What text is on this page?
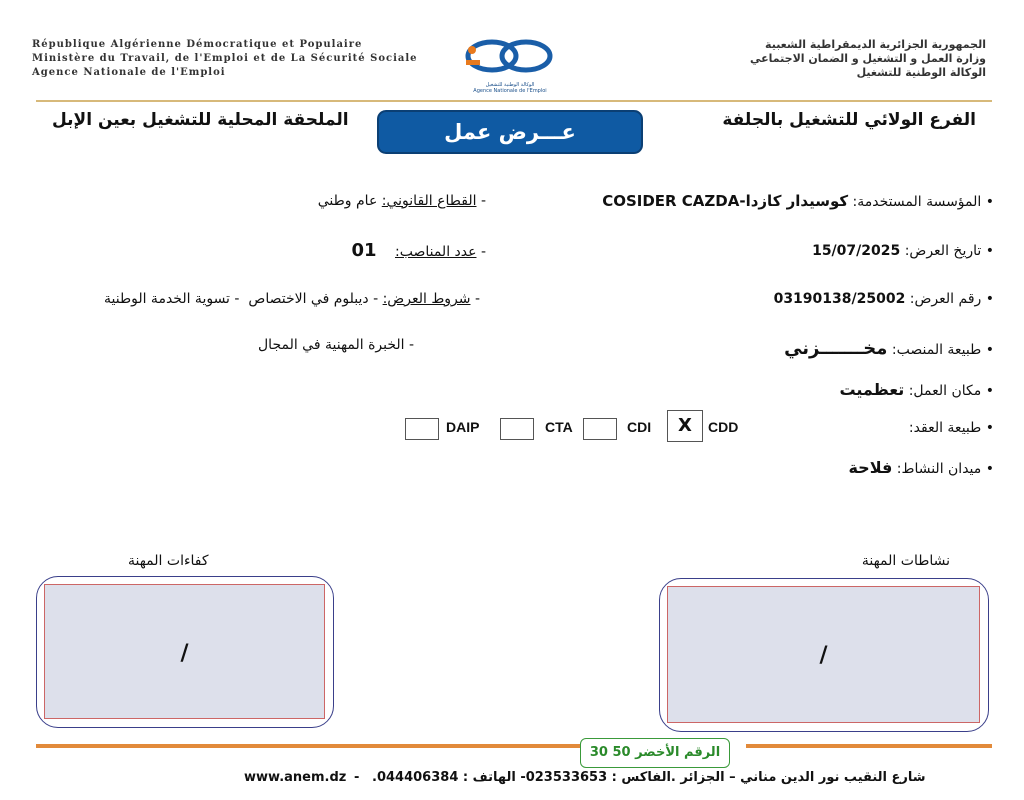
République Algérienne Démocratique et Populaire
Ministère du Travail, de l'Emploi et de La Sécurité Sociale
Agence Nationale de l'Emploi
الوكالة الوطنية للتشغيل
Agence Nationale de l'Emploi
الجمهورية الجزائرية الديمقراطية الشعبية
وزارة العمل و التشغيل و الضمان الاجتماعي
الوكالة الوطنية للتشغيل
الفرع الولائي للتشغيل بالجلفة
الملحقة المحلية للتشغيل بعين الإبل	عـــرض عمل
• المؤسسة المستخدمة: كوسيدار كازدا-COSIDER CAZDA
• تاريخ العرض: 15/07/2025
• رقم العرض: 03190138/25002
• طبيعة المنصب: مخـــــــزني
• مكان العمل: تعظميت
• طبيعة العقد:
• ميدان النشاط: فلاحة
- القطاع القانوني: عام وطني
- عدد المناصب: 01
- شروط العرض: - ديبلوم في الاختصاص
- تسوية الخدمة الوطنية
- الخبرة المهنية في المجال
DAIP	CTA	CDI	X	CDD
نشاطات المهنة
/
كفاءات المهنة
/
الرقم الأخضر 50 30
www.anem.dz - شارع النقيب نور الدين مناني – الجزائر .الفاكس : 023533653- الهاتف : 044406384.
